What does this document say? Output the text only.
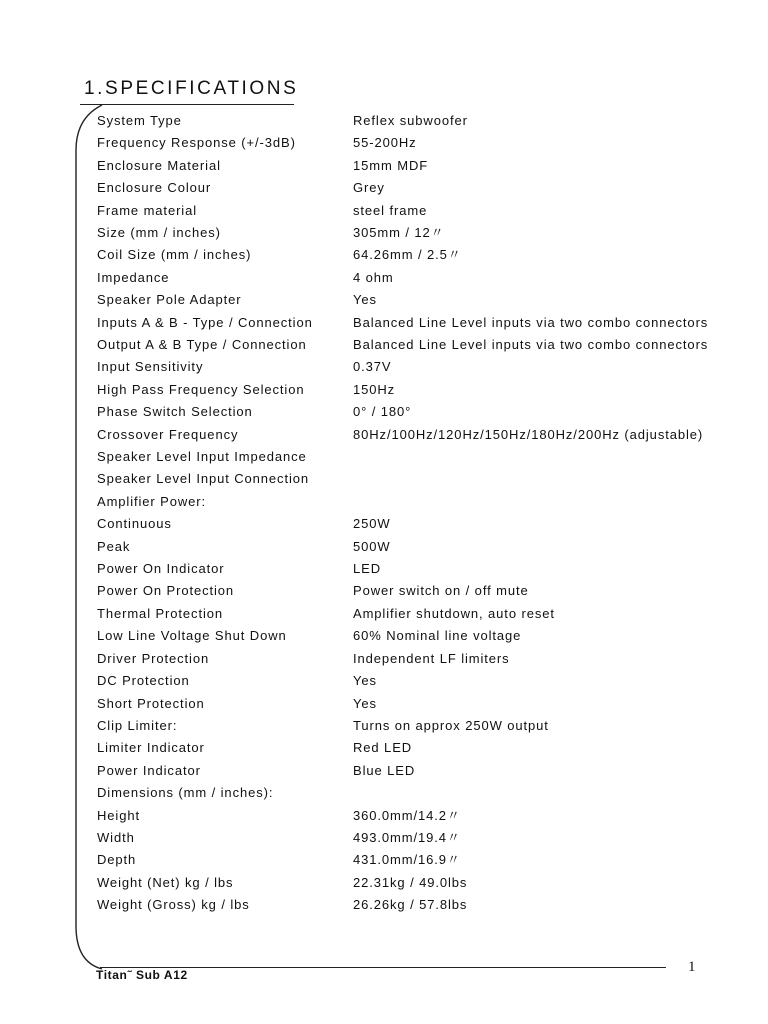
1.SPECIFICATIONS
System Type	Reflex subwoofer
Frequency Response (+/-3dB)	55-200Hz
Enclosure Material	15mm MDF
Enclosure Colour	Grey
Frame material	steel frame
Size (mm / inches)	305mm / 12〃
Coil Size (mm / inches)	64.26mm / 2.5〃
Impedance	4 ohm
Speaker Pole Adapter	Yes
Inputs A & B - Type / Connection	Balanced Line Level inputs via two combo connectors
Output A & B Type / Connection	Balanced Line Level inputs via two combo connectors
Input Sensitivity	0.37V
High Pass Frequency Selection	150Hz
Phase Switch Selection	0° / 180°
Crossover Frequency	80Hz/100Hz/120Hz/150Hz/180Hz/200Hz (adjustable)
Speaker Level Input Impedance
Speaker Level Input Connection
Amplifier Power:
Continuous	250W
Peak	500W
Power On Indicator	LED
Power On Protection	Power switch on / off mute
Thermal Protection	Amplifier shutdown, auto reset
Low Line Voltage Shut Down	60% Nominal line voltage
Driver Protection	Independent LF limiters
DC Protection	Yes
Short Protection	Yes
Clip Limiter:	Turns on approx 250W output
Limiter Indicator	Red LED
Power Indicator	Blue LED
Dimensions (mm / inches):
Height	360.0mm/14.2〃
Width	493.0mm/19.4〃
Depth	431.0mm/16.9〃
Weight (Net) kg / lbs	22.31kg / 49.0lbs
Weight (Gross) kg / lbs	26.26kg / 57.8lbs
Titan˜ Sub A12	1
